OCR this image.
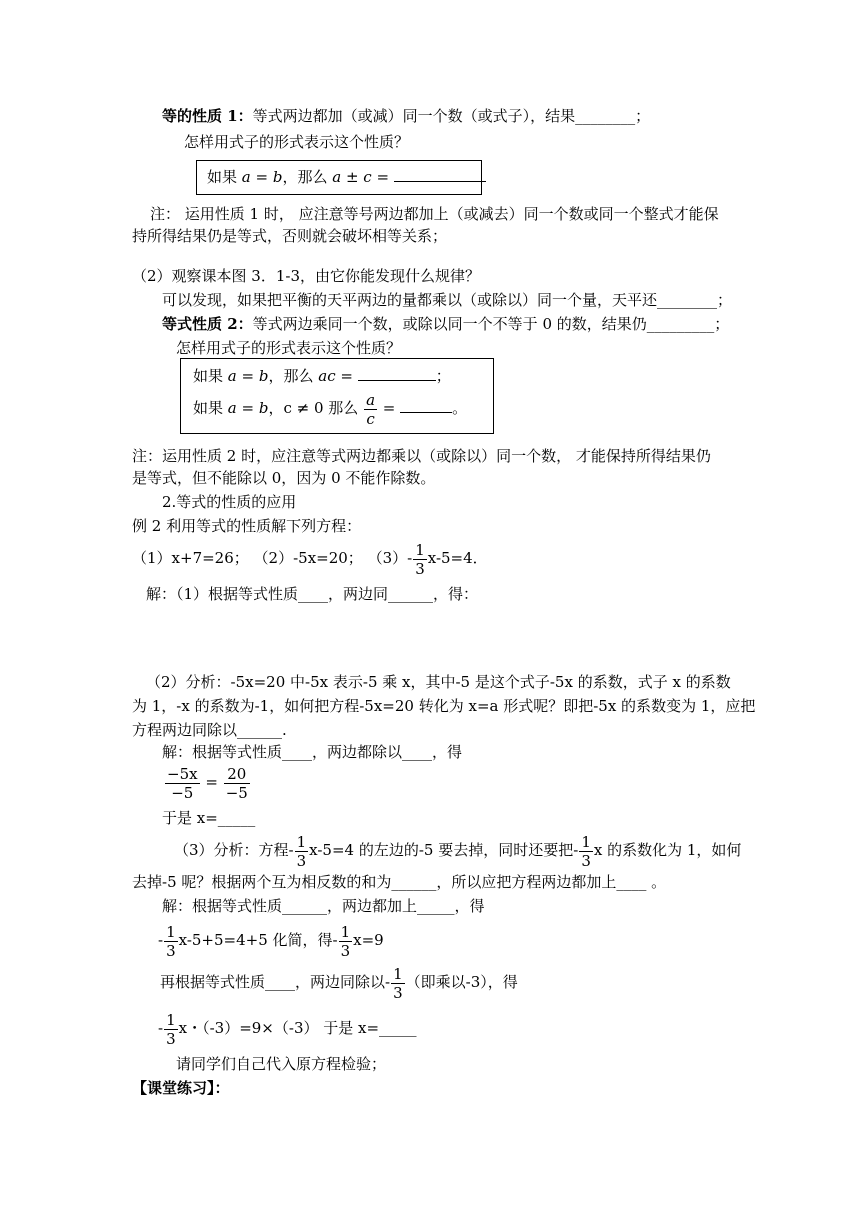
等的性质 1：等式两边都加（或减）同一个数（或式子），结果________；
怎样用式子的形式表示这个性质？
如果 a = b，那么 a ± c =
注： 运用性质 1 时， 应注意等号两边都加上（或减去）同一个数或同一个整式才能保
持所得结果仍是等式，否则就会破坏相等关系；
（2）观察课本图 3．1-3，由它你能发现什么规律？
可以发现，如果把平衡的天平两边的量都乘以（或除以）同一个量，天平还________；
等式性质 2：等式两边乘同一个数，或除以同一个不等于 0 的数，结果仍_________；
怎样用式子的形式表示这个性质？
如果 a = b，那么 ac =	；
如果 a = b，c ≠ 0 那么 $\frac{a}{c}$ =	。
注：运用性质 2 时，应注意等式两边都乘以（或除以）同一个数， 才能保持所得结果仍
是等式，但不能除以 0，因为 0 不能作除数。
2.等式的性质的应用
例 2 利用等式的性质解下列方程：
（1）x+7=26； （2）-5x=20； $(3)- \frac{1}{3} x-5=4$．
解：（1）根据等式性质____，两边同______，得：
（2）分析：-5x=20 中-5x 表示-5 乘 x，其中-5 是这个式子-5x 的系数，式子 x 的系数
为 1，-x 的系数为-1，如何把方程-5x=20 转化为 x=a 形式呢？即把-5x 的系数变为 1，应把
方程两边同除以______.
解：根据等式性质____，两边都除以____，得
$\frac{-5x}{-5} = \frac{20}{-5}$
于是 x=_____
（3）分析：方程- $\frac{1}{3} x-5=4$ 的左边的-5 要去掉，同时还要把- $\frac{1}{3}$ x 的系数化为 1，如何
去掉-5 呢？根据两个互为相反数的和为______，所以应把方程两边都加上____ 。
解：根据等式性质______，两边都加上_____，得
- $\frac{1}{3} x-5+5=4+5$ 化简，得- $\frac{1}{3} x=9$
再根据等式性质____，两边同除以- $\frac{1}{3}$ （即乘以-3），得
- $\frac{1}{3}$ x・（-3）=9×（-3） 于是 x=_____
请同学们自己代入原方程检验；
【课堂练习】：
